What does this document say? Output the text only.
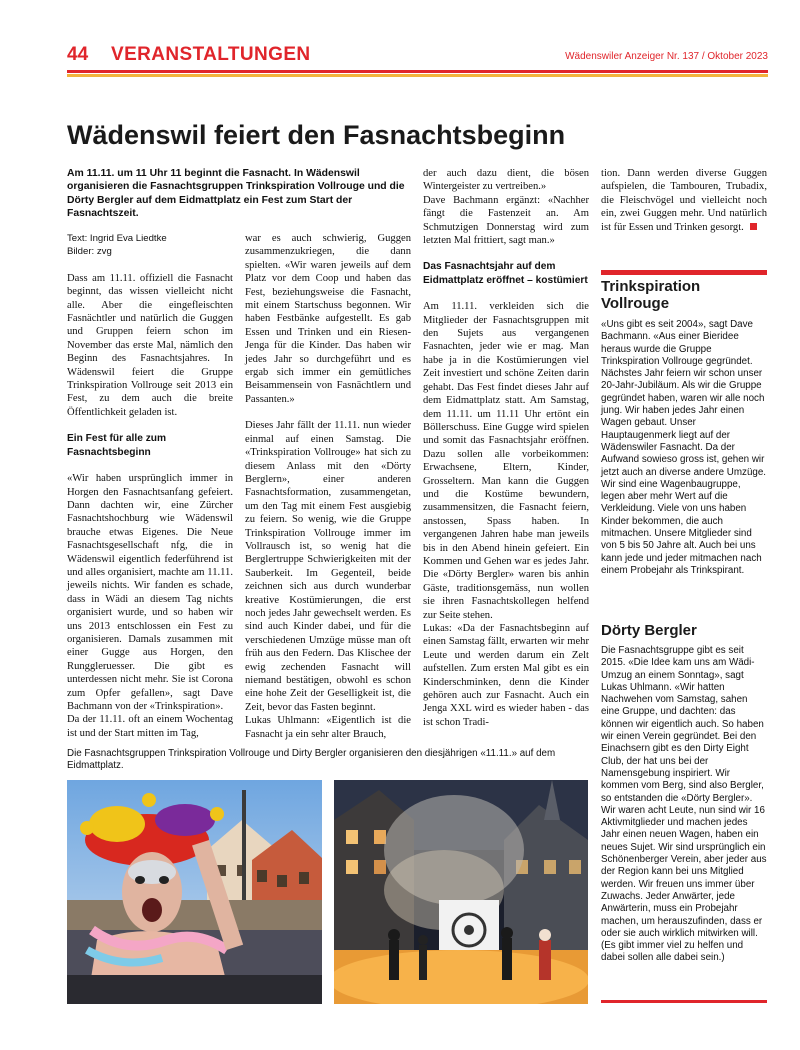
44 VERANSTALTUNGEN	Wädenswiler Anzeiger Nr. 137 / Oktober 2023
Wädenswil feiert den Fasnachtsbeginn
Am 11.11. um 11 Uhr 11 beginnt die Fasnacht. In Wädenswil organisieren die Fasnachtsgruppen Trinkspiration Vollrouge und die Dörty Bergler auf dem Eidmattplatz ein Fest zum Start der Fasnachtszeit.

Text: Ingrid Eva Liedtke

Bilder: zvg

Dass am 11.11. offiziell die Fasnacht beginnt, das wissen vielleicht nicht alle. Aber die eingefleischten Fasnächtler und natürlich die Guggen und Gruppen feiern schon im November das erste Mal, nämlich den Beginn des Fasnachtsjahres. In Wädenswil feiert die Gruppe Trinkspiration Vollrouge seit 2013 ein Fest, zu dem auch die breite Öffentlichkeit geladen ist.

Ein Fest für alle zum Fasnachtsbeginn

«Wir haben ursprünglich immer in Horgen den Fasnachtsanfang gefeiert. Dann dachten wir, eine Zürcher Fasnachtshochburg wie Wädenswil brauche etwas Eigenes. Die Neue Fasnachtsgesellschaft nfg, die in Wädenswil eigentlich federführend ist und alles organisiert, machte am 11.11. jeweils nichts. Wir fanden es schade, dass in Wädi an diesem Tag nichts organisiert wurde, und so haben wir uns 2013 entschlossen ein Fest zu organisieren. Damals zusammen mit einer Gugge aus Horgen, den Runggleruesser. Die gibt es unterdessen nicht mehr. Sie ist Corona zum Opfer gefallen», sagt Dave Bachmann von der «Trinkspiration».

Da der 11.11. oft an einem Wochentag ist und der Start mitten im Tag,

war es auch schwierig, Guggen zusammenzukriegen, die dann spielten. «Wir waren jeweils auf dem Platz vor dem Coop und haben das Fest, beziehungsweise die Fasnacht, mit einem Startschuss begonnen. Wir haben Festbänke aufgestellt. Es gab Essen und Trinken und ein Riesen-Jenga für die Kinder. Das haben wir jedes Jahr so durchgeführt und es ergab sich immer ein gemütliches Beisammensein von Fasnächtlern und Passanten.»

Dieses Jahr fällt der 11.11. nun wieder einmal auf einen Samstag. Die «Trinkspiration Vollrouge» hat sich zu diesem Anlass mit den «Dörty Berglern», einer anderen Fasnachtsformation, zusammengetan, um den Tag mit einem Fest ausgiebig zu feiern. So wenig, wie die Gruppe Trinkspiration Vollrouge immer im Vollrausch ist, so wenig hat die Berglertruppe Schwierigkeiten mit der Sauberkeit. Im Gegenteil, beide zeichnen sich aus durch wunderbar kreative Kostümierungen, die erst noch jedes Jahr gewechselt werden. Es sind auch Kinder dabei, und für die verschiedenen Umzüge müsse man oft früh aus den Federn. Das Klischee der ewig zechenden Fasnacht will niemand bestätigen, obwohl es schon eine hohe Zeit der Geselligkeit ist, die Zeit, bevor das Fasten beginnt.

Lukas Uhlmann: «Eigentlich ist die Fasnacht ja ein sehr alter Brauch,

der auch dazu dient, die bösen Wintergeister zu vertreiben.»

Dave Bachmann ergänzt: «Nachher fängt die Fastenzeit an. Am Schmutzigen Donnerstag wird zum letzten Mal frittiert, sagt man.»

Das Fasnachtsjahr auf dem Eidmattplatz eröffnet – kostümiert

Am 11.11. verkleiden sich die Mitglieder der Fasnachtsgruppen mit den Sujets aus vergangenen Fasnachten, jeder wie er mag. Man habe ja in die Kostümierungen viel Zeit investiert und schöne Zeiten darin gehabt. Das Fest findet dieses Jahr auf dem Eidmattplatz statt. Am Samstag, dem 11.11. um 11.11 Uhr ertönt ein Böllerschuss. Eine Gugge wird spielen und somit das Fasnachtsjahr eröffnen. Dazu sollen alle vorbeikommen: Erwachsene, Eltern, Kinder, Grosseltern. Man kann die Guggen und die Kostüme bewundern, zusammensitzen, die Fasnacht feiern, anstossen, Spass haben. In vergangenen Jahren habe man jeweils bis in den Abend hinein gefeiert. Ein Kommen und Gehen war es jedes Jahr. Die «Dörty Bergler» waren bis anhin Gäste, traditionsgemäss, nun wollen sie ihren Fasnachtskollegen helfend zur Seite stehen.

Lukas: «Da der Fasnachtsbeginn auf einen Samstag fällt, erwarten wir mehr Leute und werden darum ein Zelt aufstellen. Zum ersten Mal gibt es ein Kinderschminken, denn die Kinder gehören auch zur Fasnacht. Auch ein Jenga XXL wird es wieder haben - das ist schon Tradi-

tion. Dann werden diverse Guggen aufspielen, die Tambouren, Trubadix, die Fleischvögel und vielleicht noch ein, zwei Guggen mehr. Und natürlich ist für Essen und Trinken gesorgt.

Trinkspiration Vollrouge

«Uns gibt es seit 2004», sagt Dave Bachmann. «Aus einer Bieridee heraus wurde die Gruppe Trinkspiration Vollrouge gegründet. Nächstes Jahr feiern wir schon unser 20-Jahr-Jubiläum. Als wir die Gruppe gegründet haben, waren wir alle noch jung. Wir haben jedes Jahr einen Wagen gebaut. Unser Hauptaugenmerk liegt auf der Wädenswiler Fasnacht. Da der Aufwand sowieso gross ist, gehen wir jetzt auch an diverse andere Umzüge.

Wir sind eine Wagenbaugruppe, legen aber mehr Wert auf die Verkleidung. Viele von uns haben Kinder bekommen, die auch mitmachen. Unsere Mitglieder sind von 5 bis 50 Jahre alt. Auch bei uns kann jede und jeder mitmachen nach einem Probejahr als Trinkspirant.

Dörty Bergler

Die Fasnachtsgruppe gibt es seit 2015. «Die Idee kam uns am Wädi-Umzug an einem Sonntag», sagt Lukas Uhlmann. «Wir hatten Nachwehen vom Samstag, sahen eine Gruppe, und dachten: das können wir eigentlich auch. So haben wir einen Verein gegründet. Bei den Einachsern gibt es den Dirty Eight Club, der hat uns bei der Namensgebung inspiriert. Wir kommen vom Berg, sind also Bergler, so entstanden die «Dörty Bergler».

Wir waren acht Leute, nun sind wir 16 Aktivmitglieder und machen jedes Jahr einen neuen Wagen, haben ein neues Sujet. Wir sind ursprünglich ein Schönenberger Verein, aber jeder aus der Region kann bei uns Mitglied werden. Wir freuen uns immer über Zuwachs. Jeder Anwärter, jede Anwärterin, muss ein Probejahr machen, um herauszufinden, dass er oder sie auch wirklich mitwirken will. (Es gibt immer viel zu helfen und dabei sollen alle dabei sein.)

Die Fasnachtsgruppen Trinkspiration Vollrouge und Dirty Bergler organisieren den diesjährigen «11.11.» auf dem Eidmattplatz.
